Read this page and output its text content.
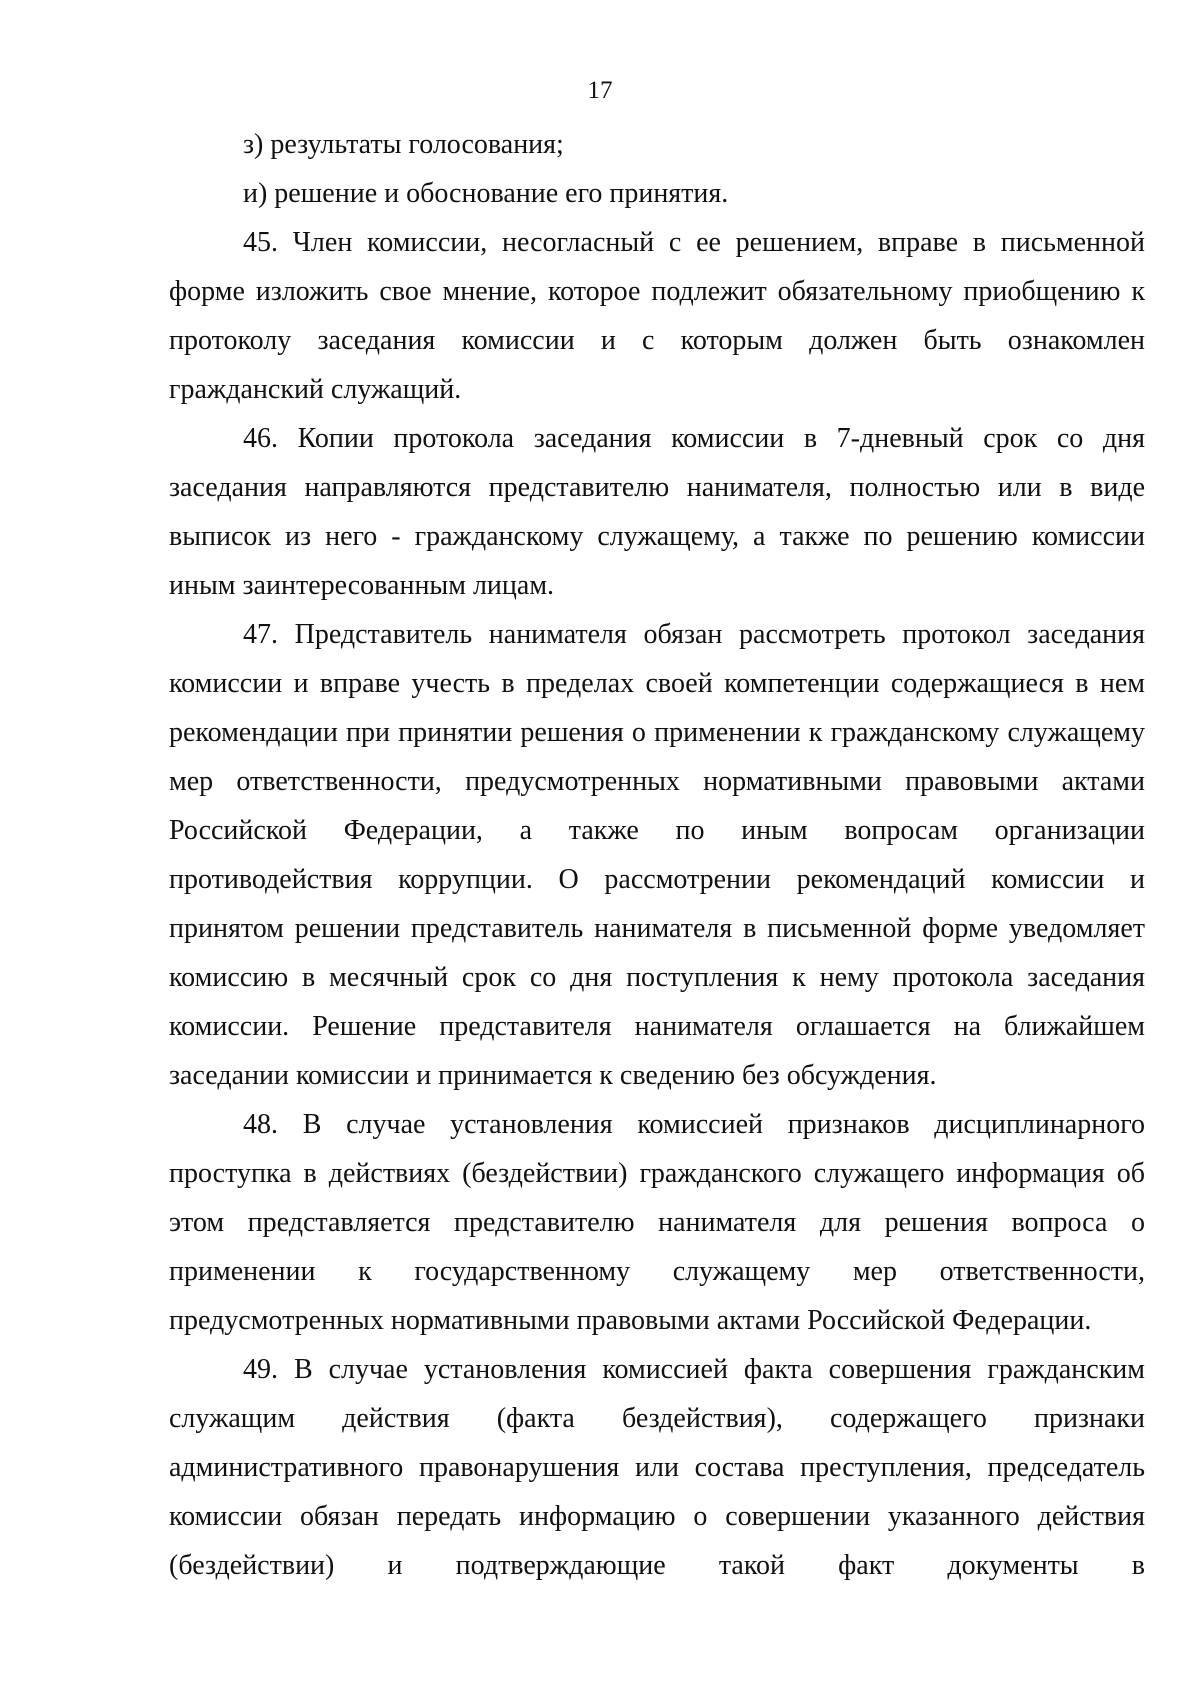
17

з) результаты голосования;

и) решение и обоснование его принятия.

45. Член комиссии, несогласный с ее решением, вправе в письменной форме изложить свое мнение, которое подлежит обязательному приобщению к протоколу заседания комиссии и с которым должен быть ознакомлен гражданский служащий.

46. Копии протокола заседания комиссии в 7-дневный срок со дня заседания направляются представителю нанимателя, полностью или в виде выписок из него - гражданскому служащему, а также по решению комиссии иным заинтересованным лицам.

47. Представитель нанимателя обязан рассмотреть протокол заседания комиссии и вправе учесть в пределах своей компетенции содержащиеся в нем рекомендации при принятии решения о применении к гражданскому служащему мер ответственности, предусмотренных нормативными правовыми актами Российской Федерации, а также по иным вопросам организации противодействия коррупции. О рассмотрении рекомендаций комиссии и принятом решении представитель нанимателя в письменной форме уведомляет комиссию в месячный срок со дня поступления к нему протокола заседания комиссии. Решение представителя нанимателя оглашается на ближайшем заседании комиссии и принимается к сведению без обсуждения.

48. В случае установления комиссией признаков дисциплинарного проступка в действиях (бездействии) гражданского служащего информация об этом представляется представителю нанимателя для решения вопроса о применении к государственному служащему мер ответственности, предусмотренных нормативными правовыми актами Российской Федерации.

49. В случае установления комиссией факта совершения гражданским служащим действия (факта бездействия), содержащего признаки административного правонарушения или состава преступления, председатель комиссии обязан передать информацию о совершении указанного действия (бездействии) и подтверждающие такой факт документы в
